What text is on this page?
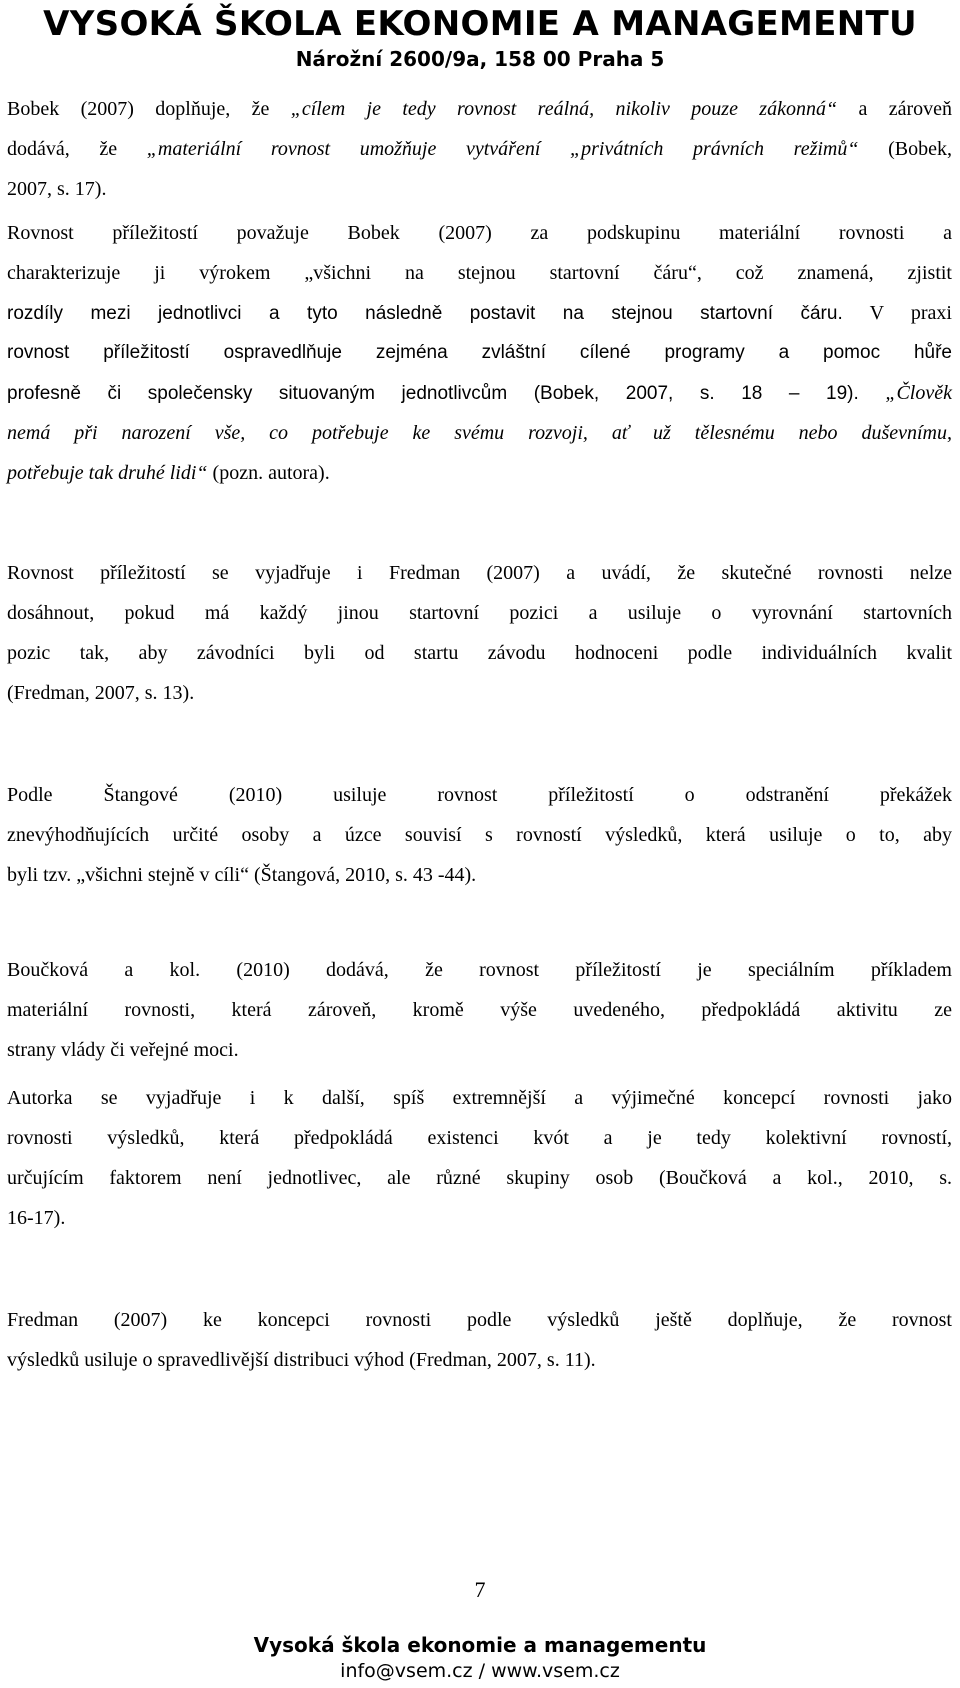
VYSOKÁ ŠKOLA EKONOMIE A MANAGEMENTU
Nárožní 2600/9a, 158 00 Praha 5
Bobek (2007) doplňuje, že „cílem je tedy rovnost reálná, nikoliv pouze zákonná“ a zároveň
dodává, že „materiální rovnost umožňuje vytváření „privátních právních režimů“ (Bobek,
2007, s. 17).
Rovnost příležitostí považuje Bobek (2007) za podskupinu materiální rovnosti a
charakterizuje ji výrokem „všichni na stejnou startovní čáru“, což znamená, zjistit
rozdíly mezi jednotlivci a tyto následně postavit na stejnou startovní čáru. V praxi
rovnost příležitostí ospravedlňuje zejména zvláštní cílené programy a pomoc hůře
profesně či společensky situovaným jednotlivcům (Bobek, 2007, s. 18 – 19). „Člověk
nemá při narození vše, co potřebuje ke svému rozvoji, ať už tělesnému nebo duševnímu,
potřebuje tak druhé lidi“ (pozn. autora).
Rovnost příležitostí se vyjadřuje i Fredman (2007) a uvádí, že skutečné rovnosti nelze
dosáhnout, pokud má každý jinou startovní pozici a usiluje o vyrovnání startovních
pozic tak, aby závodníci byli od startu závodu hodnoceni podle individuálních kvalit
(Fredman, 2007, s. 13).
Podle Štangové (2010) usiluje rovnost příležitostí o odstranění překážek
znevýhodňujících určité osoby a úzce souvisí s rovností výsledků, která usiluje o to, aby
byli tzv. „všichni stejně v cíli“ (Štangová, 2010, s. 43 -44).
Boučková a kol. (2010) dodává, že rovnost příležitostí je speciálním příkladem
materiální rovnosti, která zároveň, kromě výše uvedeného, předpokládá aktivitu ze
strany vlády či veřejné moci.
Autorka se vyjadřuje i k další, spíš extremnější a výjimečné koncepcí rovnosti jako
rovnosti výsledků, která předpokládá existenci kvót a je tedy kolektivní rovností,
určujícím faktorem není jednotlivec, ale různé skupiny osob (Boučková a kol., 2010, s.
16-17).
Fredman (2007) ke koncepci rovnosti podle výsledků ještě doplňuje, že rovnost
výsledků usiluje o spravedlivější distribuci výhod (Fredman, 2007, s. 11).
7
Vysoká škola ekonomie a managementu
info@vsem.cz / www.vsem.cz
